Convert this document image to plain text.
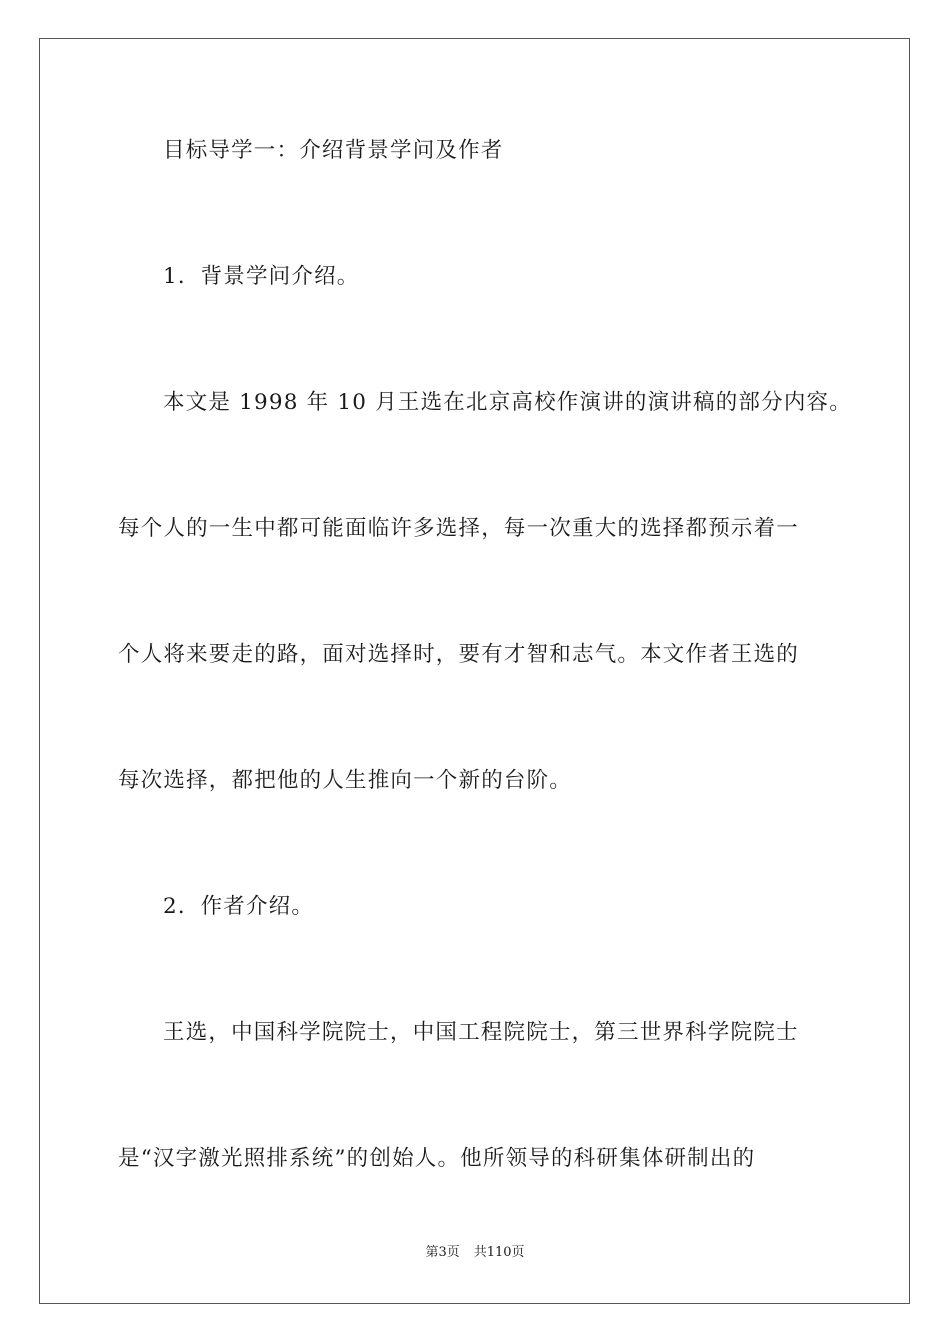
目标导学一：介绍背景学问及作者
1．背景学问介绍。
本文是 1998 年 10 月王选在北京高校作演讲的演讲稿的部分内容。
每个人的一生中都可能面临许多选择，每一次重大的选择都预示着一
个人将来要走的路，面对选择时，要有才智和志气。本文作者王选的
每次选择，都把他的人生推向一个新的台阶。
2．作者介绍。
王选，中国科学院院士，中国工程院院士，第三世界科学院院士
是“汉字激光照排系统”的创始人。他所领导的科研集体研制出的
第3页 共110页
